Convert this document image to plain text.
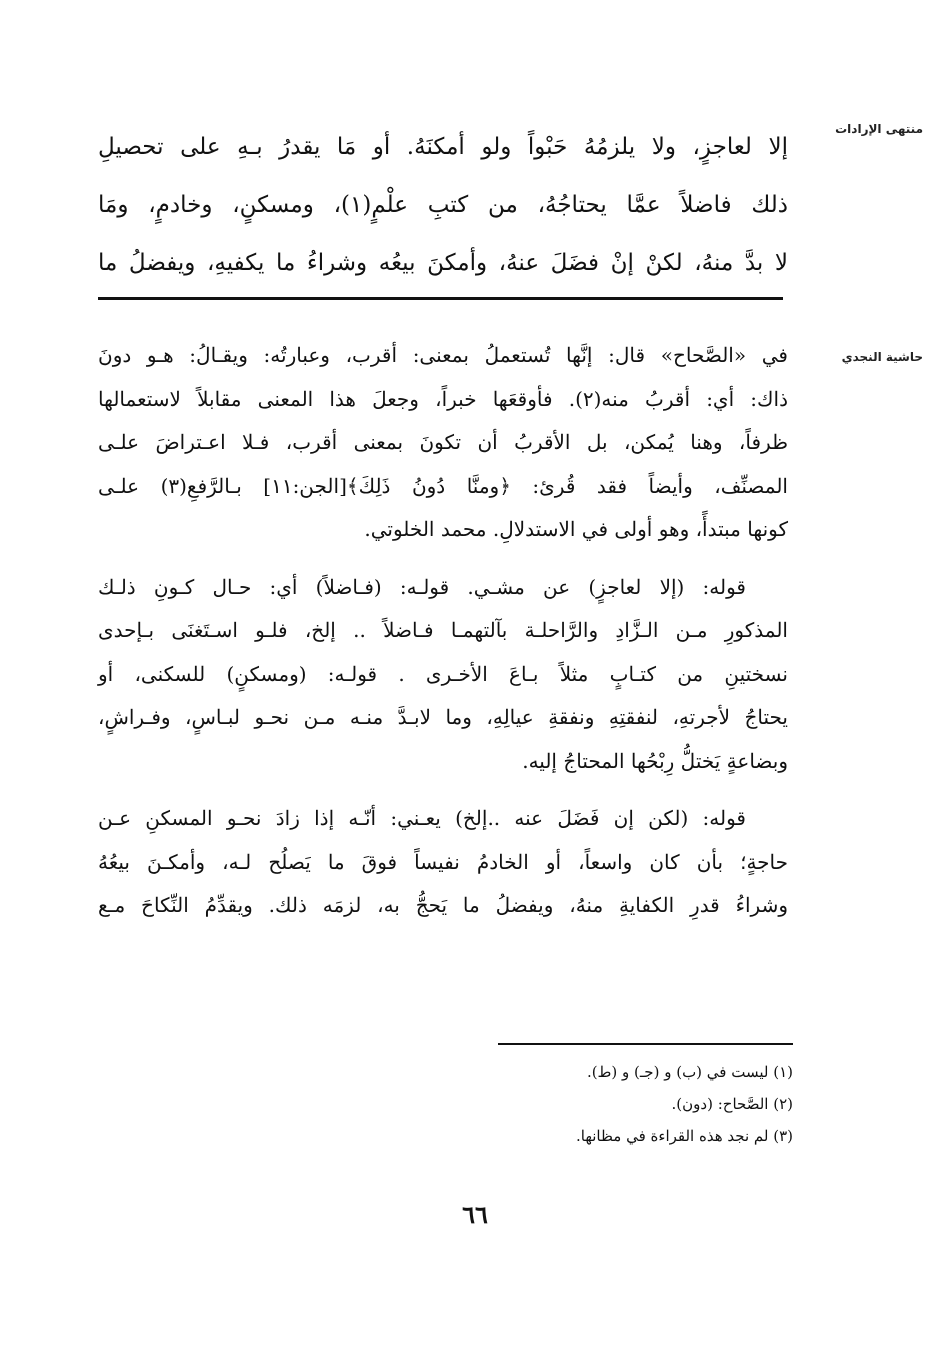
منتهى الإرادات
حاشية النجدي

إلا لعاجزٍ، ولا يلزمُهُ حَبْواً ولو أمكنَهُ. أو مَا يقدرُ بـهِ على تحصيلِ

ذلك فاضلاً عمَّا يحتاجُهُ، من كتبِ علْمٍ(١)، ومسكنٍ، وخادمٍ، ومَا

لا بدَّ منهُ، لكنْ إنْ فضَلَ عنهُ، وأمكنَ بيعُه وشراءُ ما يكفيهِ، ويفضلُ ما

في «الصَّحاح» قال: إنَّها تُستعملُ بمعنى: أقرب، وعبارتُه: ويقـالُ: هـو دونَ
ذاك: أي: أقربُ منه(٢). فأوقعَها خبراً، وجعلَ هذا المعنى مقابلاً لاستعمالها
ظرفاً، وهنا يُمكن، بل الأقربُ أن تكونَ بمعنى أقرب، فـلا اعـتراضَ علـى
المصنِّف، وأيضاً فقد قُرئ: ﴿ومنَّا دُونُ ذَلِكَ﴾[الجن:١١] بـالرَّفعِ(٣) علـى
كونها مبتدأً، وهو أولى في الاستدلالِ. محمد الخلوتي.

قوله: (إلا لعاجزٍ) عن مشـي. قولـه: (فـاضلاً) أي: حـال كـونِ ذلـك
المذكورِ مـن الـزَّادِ والرَّاحلـة بآلتهمـا فـاضلاً .. إلخ، فلـو اسـتَغنَى بـإحدى
نسختينِ من كتـابٍ مثلاً بـاعَ الأخـرى . قولـه: (ومسكنٍ) للسكنى، أو
يحتاجُ لأجرتهِ، لنفقتِهِ ونفقةِ عيالِهِ، وما لابـدَّ منـه مـن نحـو لبـاسٍ، وفـراشٍ،
وبضاعةٍ يَختلُّ رِبْحُها المحتاجُ إليه.

قوله: (لكن إن فَضَلَ عنه ..إلخ) يعـني: أنّـه إذا زادَ نحـو المسكنِ عـن
حاجةٍ؛ بأن كان واسعاً، أو الخادمُ نفيساً فوقَ ما يَصلُح لـه، وأمكـنَ بيعُهُ
وشراءُ قدرِ الكفايةِ منهُ، ويفضلُ ما يَحجُّ به، لزمَه ذلك. ويقدِّمُ النِّكاحَ مـع

(١) ليست في (ب) و (جـ) و (ط).
(٢) الصَّحاح: (دون).
(٣) لم نجد هذه القراءة في مظانها.
٦٦
